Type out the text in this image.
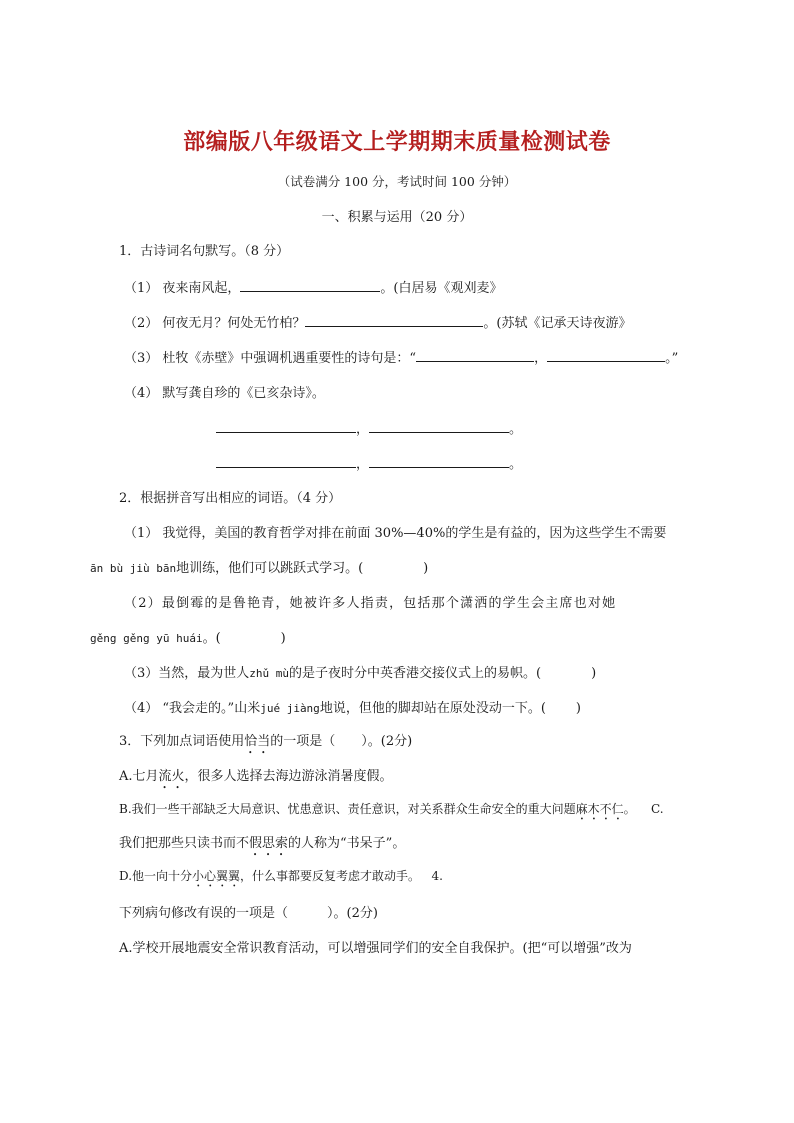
部编版八年级语文上学期期末质量检测试卷
（试卷满分 100 分，考试时间 100 分钟）
一、积累与运用（20 分）
1．古诗词名句默写。（8 分）
（1） 夜来南风起，	。(白居易《观刈麦》
（2） 何夜无月？何处无竹柏？	。(苏轼《记承天诗夜游》
（3） 杜牧《赤壁》中强调机遇重要性的诗句是：“	，	。”
（4） 默写龚自珍的《已亥杂诗》。
，	。
，	。
2．根据拼音写出相应的词语。（4 分）
（1） 我觉得，美国的教育哲学对排在前面 30%—40%的学生是有益的，因为这些学生不需要
ān bù jiù bān地训练，他们可以跳跃式学习。(	)
（2）最倒霉的是鲁艳青，她被许多人指责，包括那个潇洒的学生会主席也对她
gěng gěng yū huái。(	)
（3）当然，最为世人zhǔ mù的是子夜时分中英香港交接仪式上的易帜。(	)
（4） “我会走的。”山米jué jiàng地说，但他的脚却站在原处没动一下。( )
3．下列加点词语使用恰当的一项是（　　）。(2分)
A.七月流火，很多人选择去海边游泳消暑度假。
B.我们一些干部缺乏大局意识、忧患意识、责任意识，对关系群众生命安全的重大问题麻木不仁。 C.
我们把那些只读书而不假思索的人称为“书呆子”。
D.他一向十分小心翼翼，什么事都要反复考虑才敢动手。 4.
下列病句修改有误的一项是（　　　）。(2分)
A.学校开展地震安全常识教育活动，可以增强同学们的安全自我保护。(把“可以增强”改为
